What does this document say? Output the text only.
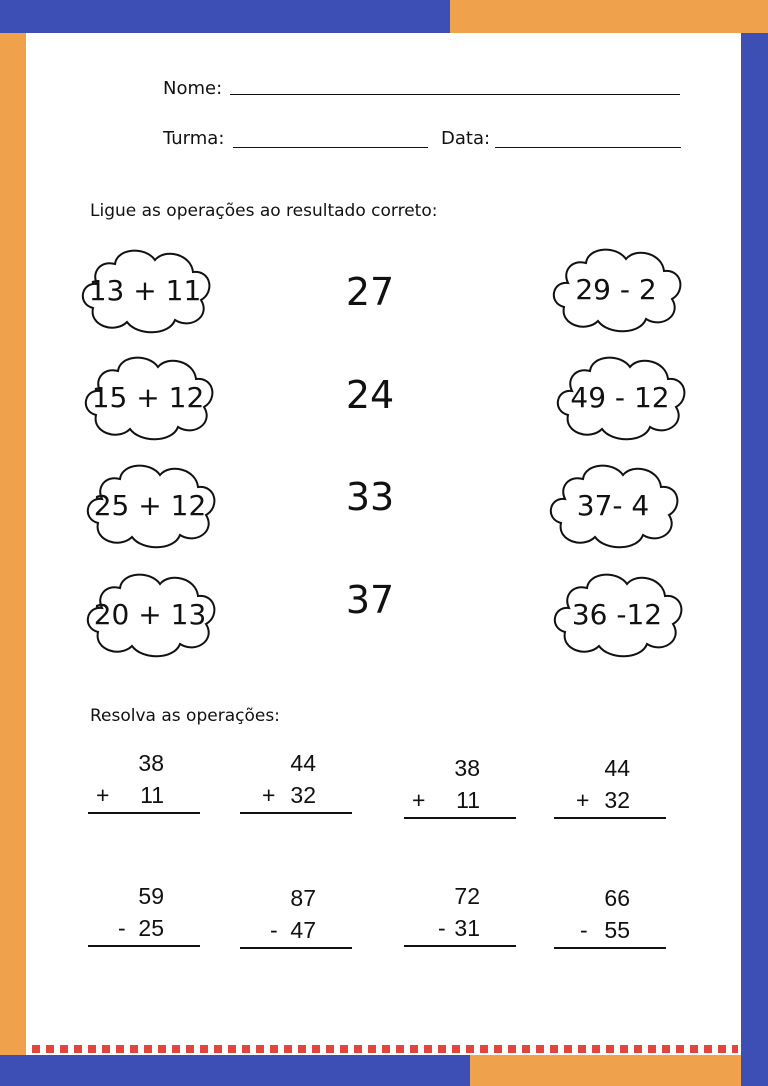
Nome:
Turma:	Data:
Ligue as operações ao resultado correto:
13 + 11
15 + 12
25 + 12
20 + 13
27
24
33
37
29 - 2
49 - 12
37- 4
36 -12
Resolva as operações:
38
+ 11
44
+ 32
38
+ 11
44
+ 32
59
- 25
87
- 47
72
- 31
66
- 55
